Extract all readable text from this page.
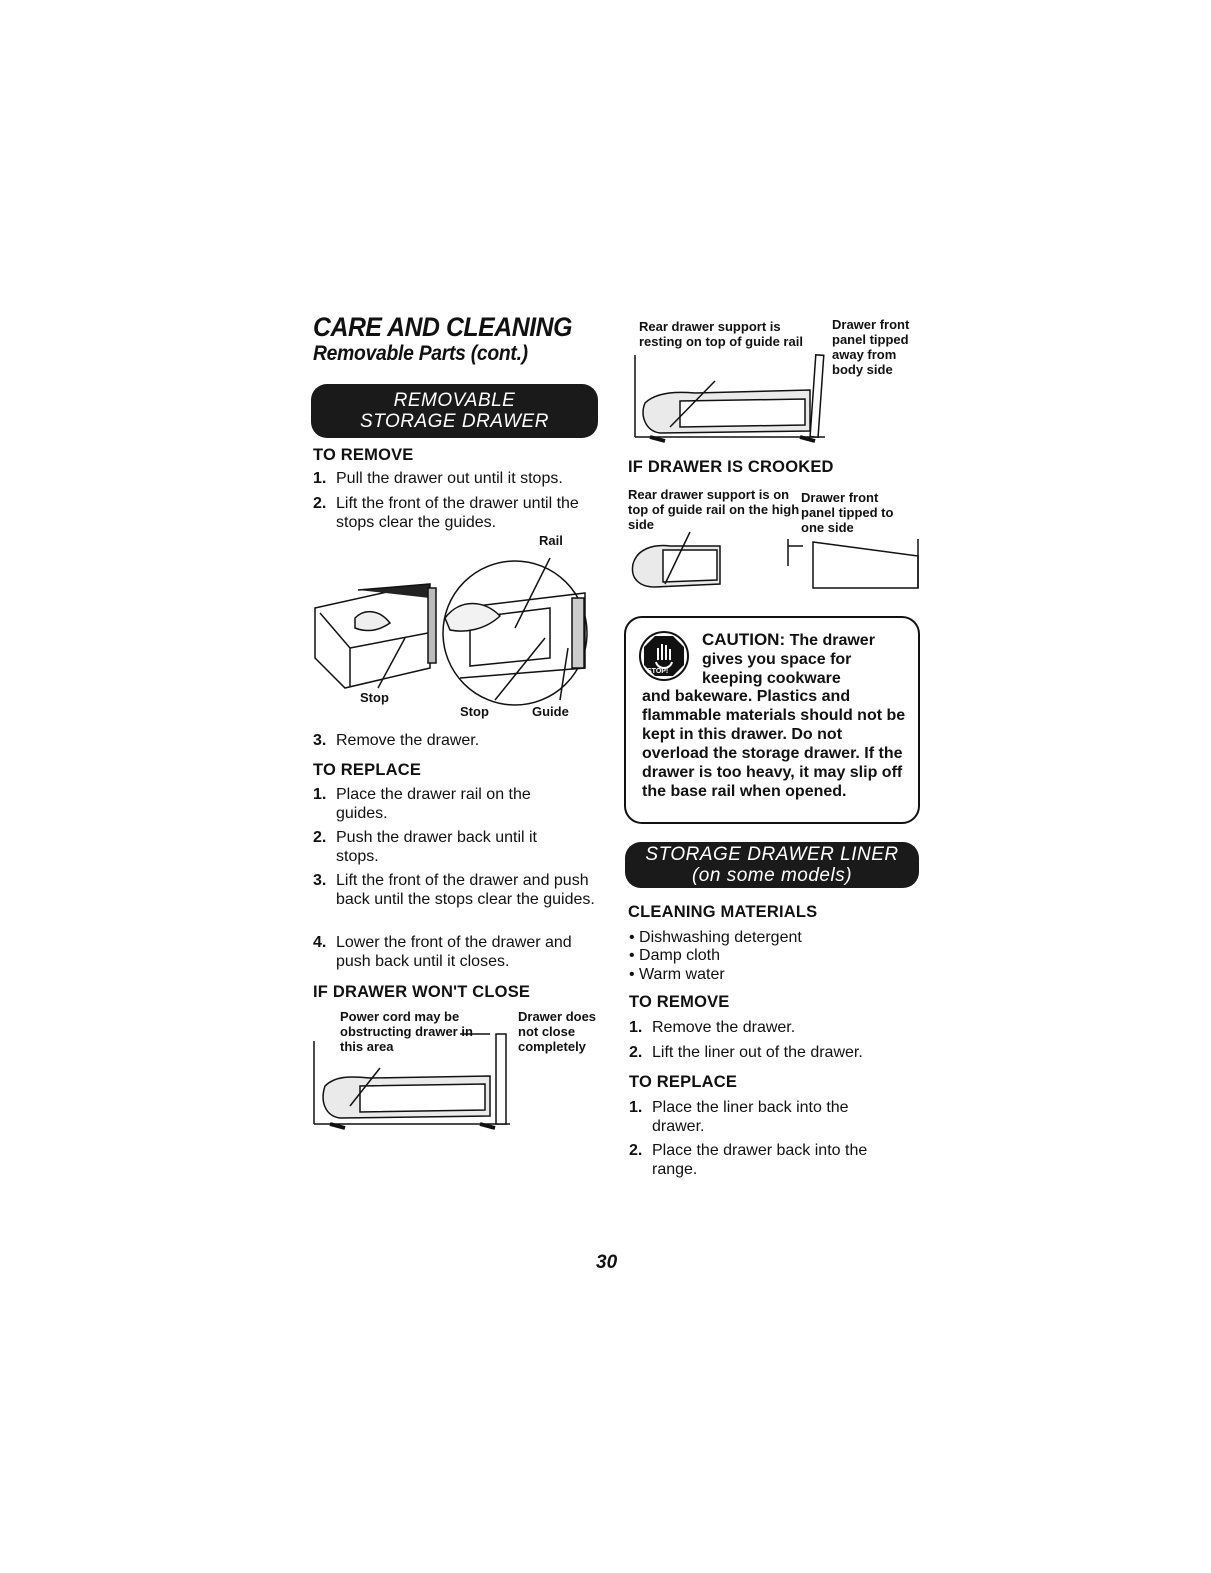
CARE AND CLEANING
Removable Parts (cont.)
REMOVABLE
STORAGE DRAWER
TO REMOVE
1. Pull the drawer out until it stops.
2. Lift the front of the drawer until the stops clear the guides.
Rail
Stop
Stop	Guide
3. Remove the drawer.
TO REPLACE
1. Place the drawer rail on the guides.
2. Push the drawer back until it stops.
3. Lift the front of the drawer and push back until the stops clear the guides.
4. Lower the front of the drawer and push back until it closes.
IF DRAWER WON'T CLOSE
Power cord may be obstructing drawer in this area
Drawer does not close completely
Rear drawer support is resting on top of guide rail
Drawer front panel tipped away from body side
IF DRAWER IS CROOKED
Rear drawer support is on top of guide rail on the high side
Drawer front panel tipped to one side
STOP!
CAUTION: The drawer gives you space for keeping cookware
and bakeware. Plastics and flammable materials should not be kept in this drawer. Do not overload the storage drawer. If the drawer is too heavy, it may slip off the base rail when opened.
STORAGE DRAWER LINER
(on some models)
CLEANING MATERIALS
• Dishwashing detergent
• Damp cloth
• Warm water
TO REMOVE
1. Remove the drawer.
2. Lift the liner out of the drawer.
TO REPLACE
1. Place the liner back into the drawer.
2. Place the drawer back into the range.
30
